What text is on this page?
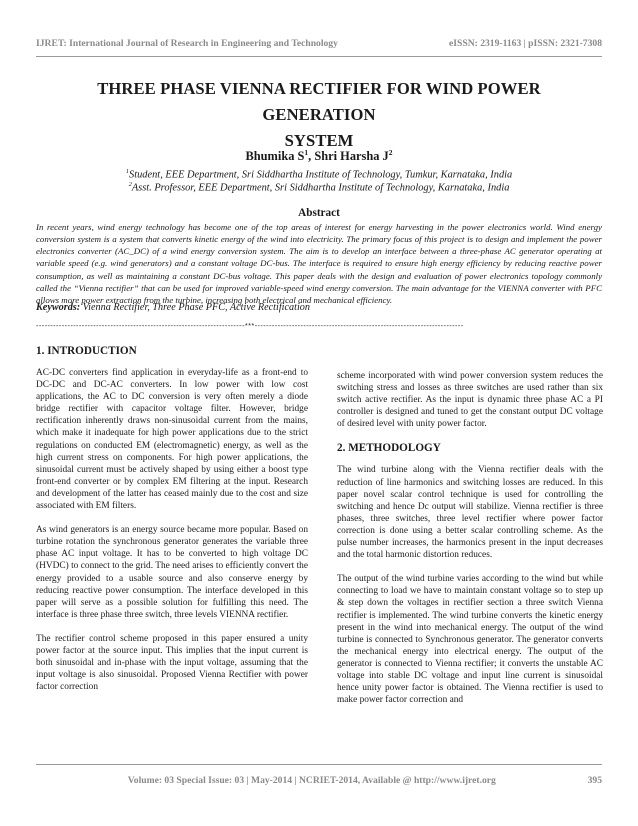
IJRET: International Journal of Research in Engineering and Technology	eISSN: 2319-1163 | pISSN: 2321-7308
THREE PHASE VIENNA RECTIFIER FOR WIND POWER GENERATION
SYSTEM
Bhumika $S^1$, Shri Harsha $J^2$
$^1$Student, EEE Department, Sri Siddhartha Institute of Technology, Tumkur, Karnataka, India
$^2$Asst. Professor, EEE Department, Sri Siddhartha Institute of Technology, Karnataka, India
Abstract
In recent years, wind energy technology has become one of the top areas of interest for energy harvesting in the power electronics world. Wind energy conversion system is a system that converts kinetic energy of the wind into electricity. The primary focus of this project is to design and implement the power electronics converter (AC_DC) of a wind energy conversion system. The aim is to develop an interface between a three-phase AC generator operating at variable speed (e.g. wind generators) and a constant voltage DC-bus. The interface is required to ensure high energy efficiency by reducing reactive power consumption, as well as maintaining a constant DC-bus voltage. This paper deals with the design and evaluation of power electronics topology commonly called the “Vienna rectifier” that can be used for improved variable-speed wind energy conversion. The main advantage for the VIENNA converter with PFC allows more power extraction from the turbine, increasing both electrical and mechanical efficiency.
Keywords: Vienna Rectifier, Three Phase PFC, Active Rectification
-------------------------------------------------------------------------***-------------------------------------------------------------------------
1. INTRODUCTION

AC-DC converters find application in everyday-life as a front-end to DC-DC and DC-AC converters. In low power with low cost applications, the AC to DC conversion is very often merely a diode bridge rectifier with capacitor voltage filter. However, bridge rectification inherently draws non-sinusoidal current from the mains, which make it inadequate for high power applications due to the strict regulations on conducted EM (electromagnetic) energy, as well as the high current stress on components. For high power applications, the sinusoidal current must be actively shaped by using either a boost type front-end converter or by complex EM filtering at the input. Research and development of the latter has ceased mainly due to the cost and size associated with EM filters.

As wind generators is an energy source became more popular. Based on turbine rotation the synchronous generator generates the variable three phase AC input voltage. It has to be converted to high voltage DC (HVDC) to connect to the grid. The need arises to efficiently convert the energy provided to a usable source and also conserve energy by reducing reactive power consumption. The interface developed in this paper will serve as a possible solution for fulfilling this need. The interface is three phase three switch, three levels VIENNA rectifier.

The rectifier control scheme proposed in this paper ensured a unity power factor at the source input. This implies that the input current is both sinusoidal and in-phase with the input voltage, assuming that the input voltage is also sinusoidal. Proposed Vienna Rectifier with power factor correction

scheme incorporated with wind power conversion system reduces the switching stress and losses as three switches are used rather than six switch active rectifier. As the input is dynamic three phase AC a PI controller is designed and tuned to get the constant output DC voltage of desired level with unity power factor.

2. METHODOLOGY

The wind turbine along with the Vienna rectifier deals with the reduction of line harmonics and switching losses are reduced. In this paper novel scalar control technique is used for controlling the switching and hence Dc output will stabilize. Vienna rectifier is three phases, three switches, three level rectifier where power factor correction is done using a better scalar controlling scheme. As the pulse number increases, the harmonics present in the input decreases and the total harmonic distortion reduces.

The output of the wind turbine varies according to the wind but while connecting to load we have to maintain constant voltage so to step up & step down the voltages in rectifier section a three switch Vienna rectifier is implemented. The wind turbine converts the kinetic energy present in the wind into mechanical energy. The output of the wind turbine is connected to Synchronous generator. The generator converts the mechanical energy into electrical energy. The output of the generator is connected to Vienna rectifier; it converts the unstable AC voltage into stable DC voltage and input line current is sinusoidal hence unity power factor is obtained. The Vienna rectifier is used to make power factor correction and

Volume: 03 Special Issue: 03 | May-2014 | NCRIET-2014, Available @ http://www.ijret.org	395
